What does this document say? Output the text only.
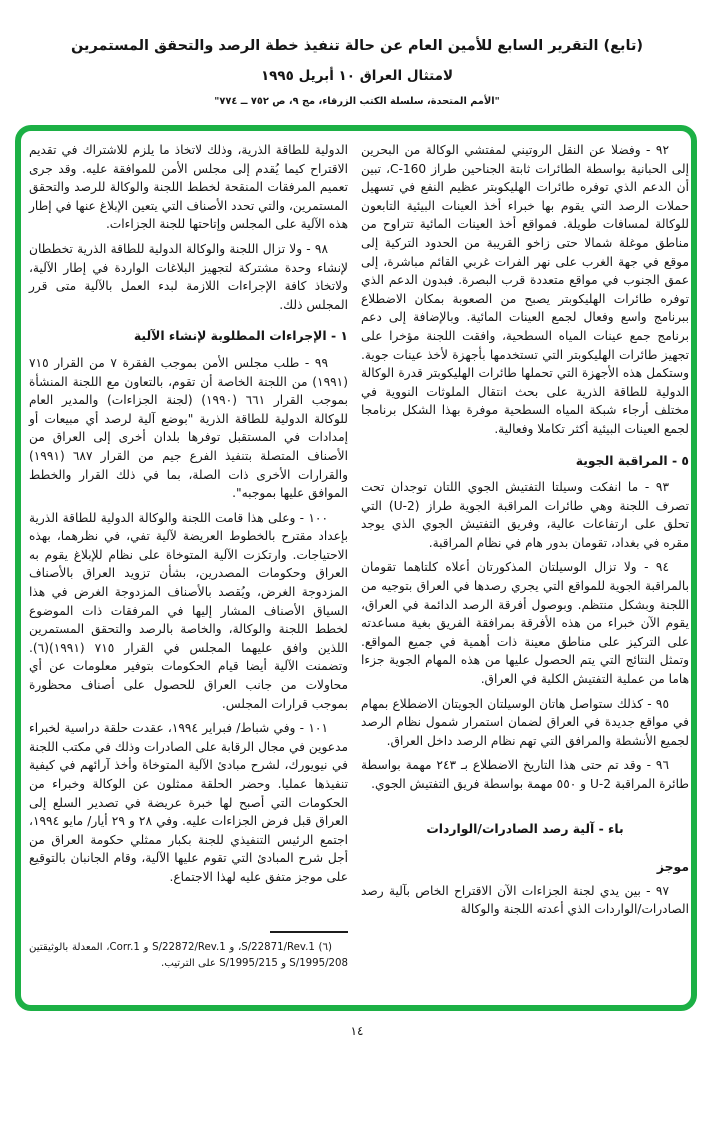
(تابع) التقرير السابع للأمين العام عن حالة تنفيذ خطة الرصد والتحقق المستمرين
لامتثال العراق ١٠ أبريل ١٩٩٥
"الأمم المتحدة، سلسلة الكتب الزرقاء، مج ٩، ص ٧٥٢ ــ ٧٧٤"

٩٢ - وفضلا عن النقل الروتيني لمفتشي الوكالة من البحرين إلى الحبانية بواسطة الطائرات ثابتة الجناحين طراز C-160، تبين أن الدعم الذي توفره طائرات الهليكوبتر عظيم النفع في تسهيل حملات الرصد التي يقوم بها خبراء أخذ العينات البيئية التابعون للوكالة لمسافات طويلة. فمواقع أخذ العينات المائية تتراوح من مناطق موغلة شمالا حتى زاخو القريبة من الحدود التركية إلى موقع في جهة الغرب على نهر الفرات غربي القائم مباشرة، إلى عمق الجنوب في مواقع متعددة قرب البصرة. فبدون الدعم الذي توفره طائرات الهليكوبتر يصبح من الصعوبة بمكان الاضطلاع ببرنامج واسع وفعال لجمع العينات المائية. وبالإضافة إلى دعم برنامج جمع عينات المياه السطحية، وافقت اللجنة مؤخرا على تجهيز طائرات الهليكوبتر التي تستخدمها بأجهزة لأخذ عينات جوية. وستكمل هذه الأجهزة التي تحملها طائرات الهليكوبتر قدرة الوكالة الدولية للطاقة الذرية على بحث انتقال الملوثات النووية في مختلف أرجاء شبكة المياه السطحية موفرة بهذا الشكل برنامجا لجمع العينات البيئية أكثر تكاملا وفعالية.

٥ - المراقبة الجوية

٩٣ - ما انفكت وسيلتا التفتيش الجوي اللتان توجدان تحت تصرف اللجنة وهي طائرات المراقبة الجوية طراز (U-2) التي تحلق على ارتفاعات عالية، وفريق التفتيش الجوي الذي يوجد مقره في بغداد، تقومان بدور هام في نظام المراقبة.

٩٤ - ولا تزال الوسيلتان المذكورتان أعلاه كلتاهما تقومان بالمراقبة الجوية للمواقع التي يجري رصدها في العراق بتوجيه من اللجنة وبشكل منتظم. وبوصول أفرقة الرصد الدائمة في العراق، يقوم الآن خبراء من هذه الأفرقة بمرافقة الفريق بغية مساعدته على التركيز على مناطق معينة ذات أهمية في جميع المواقع. وتمثل النتائج التي يتم الحصول عليها من هذه المهام الجوية جزءا هاما من عملية التفتيش الكلية في العراق.

٩٥ - كذلك ستواصل هاتان الوسيلتان الجويتان الاضطلاع بمهام في مواقع جديدة في العراق لضمان استمرار شمول نظام الرصد لجميع الأنشطة والمرافق التي تهم نظام الرصد داخل العراق.

٩٦ - وقد تم حتى هذا التاريخ الاضطلاع بـ ٢٤٣ مهمة بواسطة طائرة المراقبة U-2 و ٥٥٠ مهمة بواسطة فريق التفتيش الجوي.

باء - آلية رصد الصادرات/الواردات
موجز

٩٧ - بين يدي لجنة الجزاءات الآن الاقتراح الخاص بآلية رصد الصادرات/الواردات الذي أعدته اللجنة والوكالة

الدولية للطاقة الذرية، وذلك لاتخاذ ما يلزم للاشتراك في تقديم الاقتراح كيما يُقدم إلى مجلس الأمن للموافقة عليه. وقد جرى تعميم المرفقات المنقحة لخطط اللجنة والوكالة للرصد والتحقق المستمرين، والتي تحدد الأصناف التي يتعين الإبلاغ عنها في إطار هذه الآلية على المجلس وإتاحتها للجنة الجزاءات.

٩٨ - ولا تزال اللجنة والوكالة الدولية للطاقة الذرية تخططان لإنشاء وحدة مشتركة لتجهيز البلاغات الواردة في إطار الآلية، ولاتخاذ كافة الإجراءات اللازمة لبدء العمل بالآلية متى قرر المجلس ذلك.

١ - الإجراءات المطلوبة لإنشاء الآلية

٩٩ - طلب مجلس الأمن بموجب الفقرة ٧ من القرار ٧١٥ (١٩٩١) من اللجنة الخاصة أن تقوم، بالتعاون مع اللجنة المنشأة بموجب القرار ٦٦١ (١٩٩٠) (لجنة الجزاءات) والمدير العام للوكالة الدولية للطاقة الذرية "بوضع آلية لرصد أي مبيعات أو إمدادات في المستقبل توفرها بلدان أخرى إلى العراق من الأصناف المتصلة بتنفيذ الفرع جيم من القرار ٦٨٧ (١٩٩١) والقرارات الأخرى ذات الصلة، بما في ذلك القرار والخطط الموافق عليها بموجبه".

١٠٠ - وعلى هذا قامت اللجنة والوكالة الدولية للطاقة الذرية بإعداد مقترح بالخطوط العريضة لآلية تفي، في نظرهما، بهذه الاحتياجات. وارتكزت الآلية المتوخاة على نظام للإبلاغ يقوم به العراق وحكومات المصدرين، بشأن تزويد العراق بالأصناف المزدوجة الغرض، ويُقصد بالأصناف المزدوجة الغرض في هذا السياق الأصناف المشار إليها في المرفقات ذات الموضوع لخطط اللجنة والوكالة، والخاصة بالرصد والتحقق المستمرين اللذين وافق عليهما المجلس في القرار ٧١٥ (١٩٩١)(٦). وتضمنت الآلية أيضا قيام الحكومات بتوفير معلومات عن أي محاولات من جانب العراق للحصول على أصناف محظورة بموجب قرارات المجلس.

١٠١ - وفي شباط/ فبراير ١٩٩٤، عقدت حلقة دراسية لخبراء مدعوين في مجال الرقابة على الصادرات وذلك في مكتب اللجنة في نيويورك، لشرح مبادئ الآلية المتوخاة وأخذ آرائهم في كيفية تنفيذها عمليا. وحضر الحلقة ممثلون عن الوكالة وخبراء من الحكومات التي أصبح لها خبرة عريضة في تصدير السلع إلى العراق قبل فرض الجزاءات عليه. وفي ٢٨ و ٢٩ أيار/ مايو ١٩٩٤، اجتمع الرئيس التنفيذي للجنة بكبار ممثلي حكومة العراق من أجل شرح المبادئ التي تقوم عليها الآلية، وقام الجانبان بالتوقيع على موجز متفق عليه لهذا الاجتماع.

(٦) S/22871/Rev.1، و S/22872/Rev.1 و Corr.1، المعدلة بالوثيقتين S/1995/208 و S/1995/215 على الترتيب.

١٤
